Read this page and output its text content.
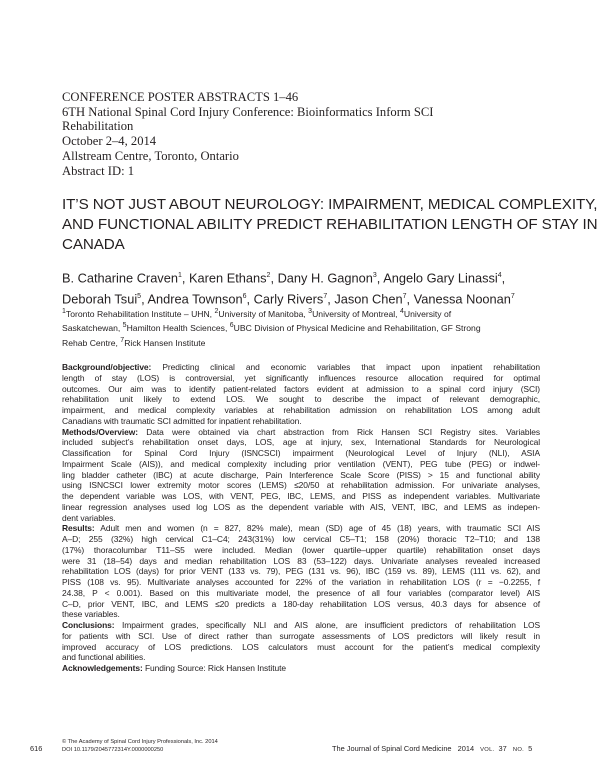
CONFERENCE POSTER ABSTRACTS 1–46
6TH National Spinal Cord Injury Conference: Bioinformatics Inform SCI
Rehabilitation
October 2–4, 2014
Allstream Centre, Toronto, Ontario
Abstract ID: 1
IT’S NOT JUST ABOUT NEUROLOGY: IMPAIRMENT, MEDICAL COMPLEXITY,
AND FUNCTIONAL ABILITY PREDICT REHABILITATION LENGTH OF STAY IN
CANADA
B. Catharine Craven$^1$, Karen Ethans$^2$, Dany H. Gagnon$^3$, Angelo Gary Linassi$^4$,
Deborah Tsui$^5$, Andrea Townson$^6$, Carly Rivers$^7$, Jason Chen$^7$, Vanessa Noonan$^7$
$^1$Toronto Rehabilitation Institute – UHN, $^2$University of Manitoba, $^3$University of Montreal, $^4$University of
Saskatchewan, $^5$Hamilton Health Sciences, $^6$UBC Division of Physical Medicine and Rehabilitation, GF Strong
Rehab Centre, $^7$Rick Hansen Institute
Background/objective: Predicting clinical and economic variables that impact upon inpatient rehabilitation
length of stay (LOS) is controversial, yet significantly influences resource allocation required for optimal
outcomes. Our aim was to identify patient-related factors evident at admission to a spinal cord injury (SCI)
rehabilitation unit likely to extend LOS. We sought to describe the impact of relevant demographic,
impairment, and medical complexity variables at rehabilitation admission on rehabilitation LOS among adult
Canadians with traumatic SCI admitted for inpatient rehabilitation.
Methods/Overview: Data were obtained via chart abstraction from Rick Hansen SCI Registry sites. Variables
included subject’s rehabilitation onset days, LOS, age at injury, sex, International Standards for Neurological
Classification for Spinal Cord Injury (ISNCSCI) impairment (Neurological Level of Injury (NLI), ASIA
Impairment Scale (AIS)), and medical complexity including prior ventilation (VENT), PEG tube (PEG) or indwel-
ling bladder catheter (IBC) at acute discharge, Pain Interference Scale Score (PISS) > 15 and functional ability
using ISNCSCI lower extremity motor scores (LEMS) ≤20/50 at rehabilitation admission. For univariate analyses,
the dependent variable was LOS, with VENT, PEG, IBC, LEMS, and PISS as independent variables. Multivariate
linear regression analyses used log LOS as the dependent variable with AIS, VENT, IBC, and LEMS as indepen-
dent variables.
Results: Adult men and women (n = 827, 82% male), mean (SD) age of 45 (18) years, with traumatic SCI AIS
A–D; 255 (32%) high cervical C1–C4; 243(31%) low cervical C5–T1; 158 (20%) thoracic T2–T10; and 138
(17%) thoracolumbar T11–S5 were included. Median (lower quartile–upper quartile) rehabilitation onset days
were 31 (18–54) days and median rehabilitation LOS 83 (53–122) days. Univariate analyses revealed increased
rehabilitation LOS (days) for prior VENT (133 vs. 79), PEG (131 vs. 96), IBC (159 vs. 89), LEMS (111 vs. 62), and
PISS (108 vs. 95). Multivariate analyses accounted for 22% of the variation in rehabilitation LOS (r = −0.2255, f
24.38, P < 0.001). Based on this multivariate model, the presence of all four variables (comparator level) AIS
C–D, prior VENT, IBC, and LEMS ≤20 predicts a 180-day rehabilitation LOS versus, 40.3 days for absence of
these variables.
Conclusions: Impairment grades, specifically NLI and AIS alone, are insufficient predictors of rehabilitation LOS
for patients with SCI. Use of direct rather than surrogate assessments of LOS predictors will likely result in
improved accuracy of LOS predictions. LOS calculators must account for the patient’s medical complexity
and functional abilities.
Acknowledgements: Funding Source: Rick Hansen Institute
© The Academy of Spinal Cord Injury Professionals, Inc. 2014
DOI 10.1179/2045772314Y.0000000250
616	The Journal of Spinal Cord Medicine 2014 VOL. 37 NO. 5
